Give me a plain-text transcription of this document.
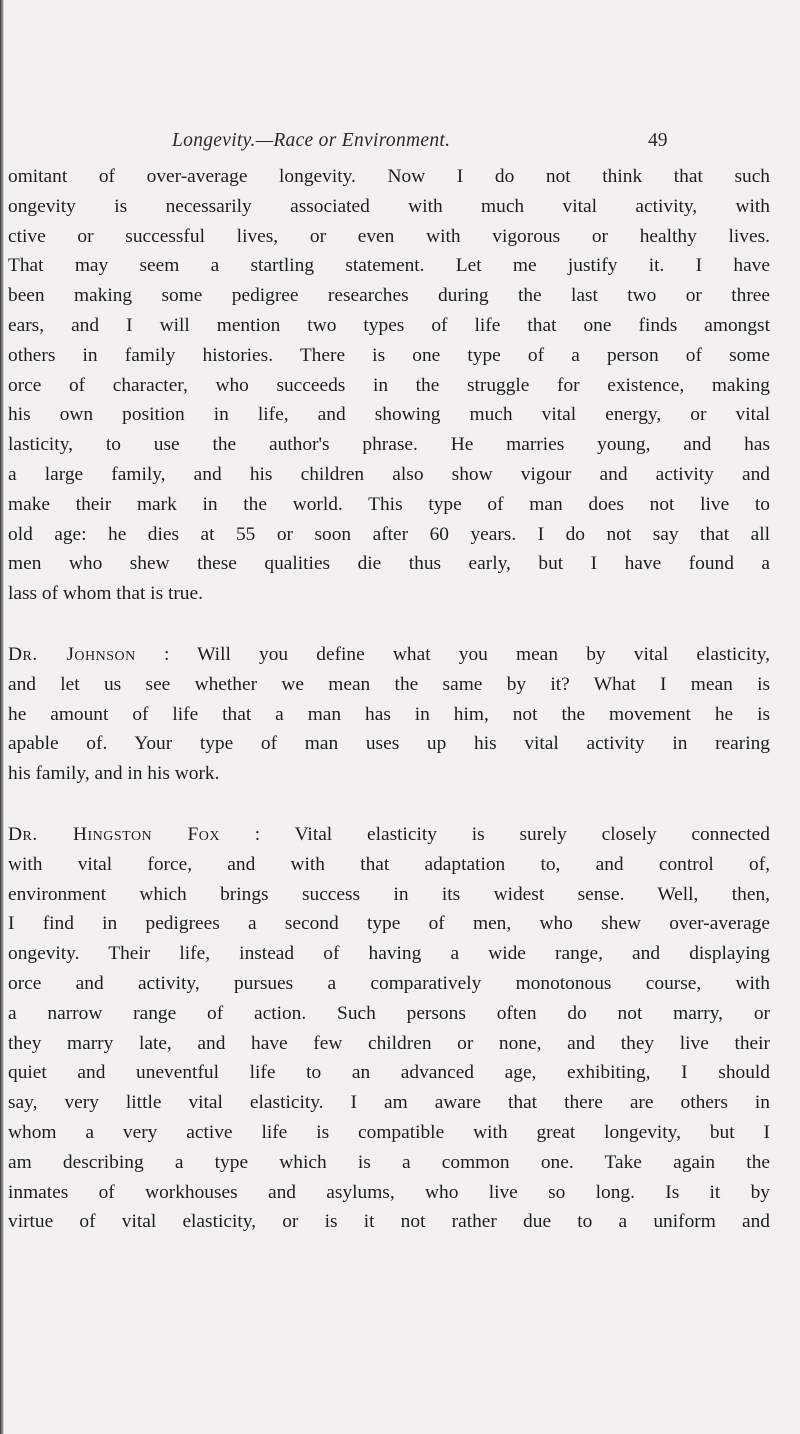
Longevity.—Race or Environment.	49
omitant of over-average longevity. Now I do not think that such
ongevity is necessarily associated with much vital activity, with
ctive or successful lives, or even with vigorous or healthy lives.
That may seem a startling statement. Let me justify it. I have
been making some pedigree researches during the last two or three
ears, and I will mention two types of life that one finds amongst
others in family histories. There is one type of a person of some
orce of character, who succeeds in the struggle for existence, making
his own position in life, and showing much vital energy, or vital
lasticity, to use the author's phrase. He marries young, and has
a large family, and his children also show vigour and activity and
make their mark in the world. This type of man does not live to
old age: he dies at 55 or soon after 60 years. I do not say that all
men who shew these qualities die thus early, but I have found a
lass of whom that is true.
Dr. Johnson : Will you define what you mean by vital elasticity,
and let us see whether we mean the same by it? What I mean is
he amount of life that a man has in him, not the movement he is
apable of. Your type of man uses up his vital activity in rearing
his family, and in his work.
Dr. Hingston Fox : Vital elasticity is surely closely connected
with vital force, and with that adaptation to, and control of,
environment which brings success in its widest sense. Well, then,
I find in pedigrees a second type of men, who shew over-average
ongevity. Their life, instead of having a wide range, and displaying
orce and activity, pursues a comparatively monotonous course, with
a narrow range of action. Such persons often do not marry, or
they marry late, and have few children or none, and they live their
quiet and uneventful life to an advanced age, exhibiting, I should
say, very little vital elasticity. I am aware that there are others in
whom a very active life is compatible with great longevity, but I
am describing a type which is a common one. Take again the
inmates of workhouses and asylums, who live so long. Is it by
virtue of vital elasticity, or is it not rather due to a uniform and
